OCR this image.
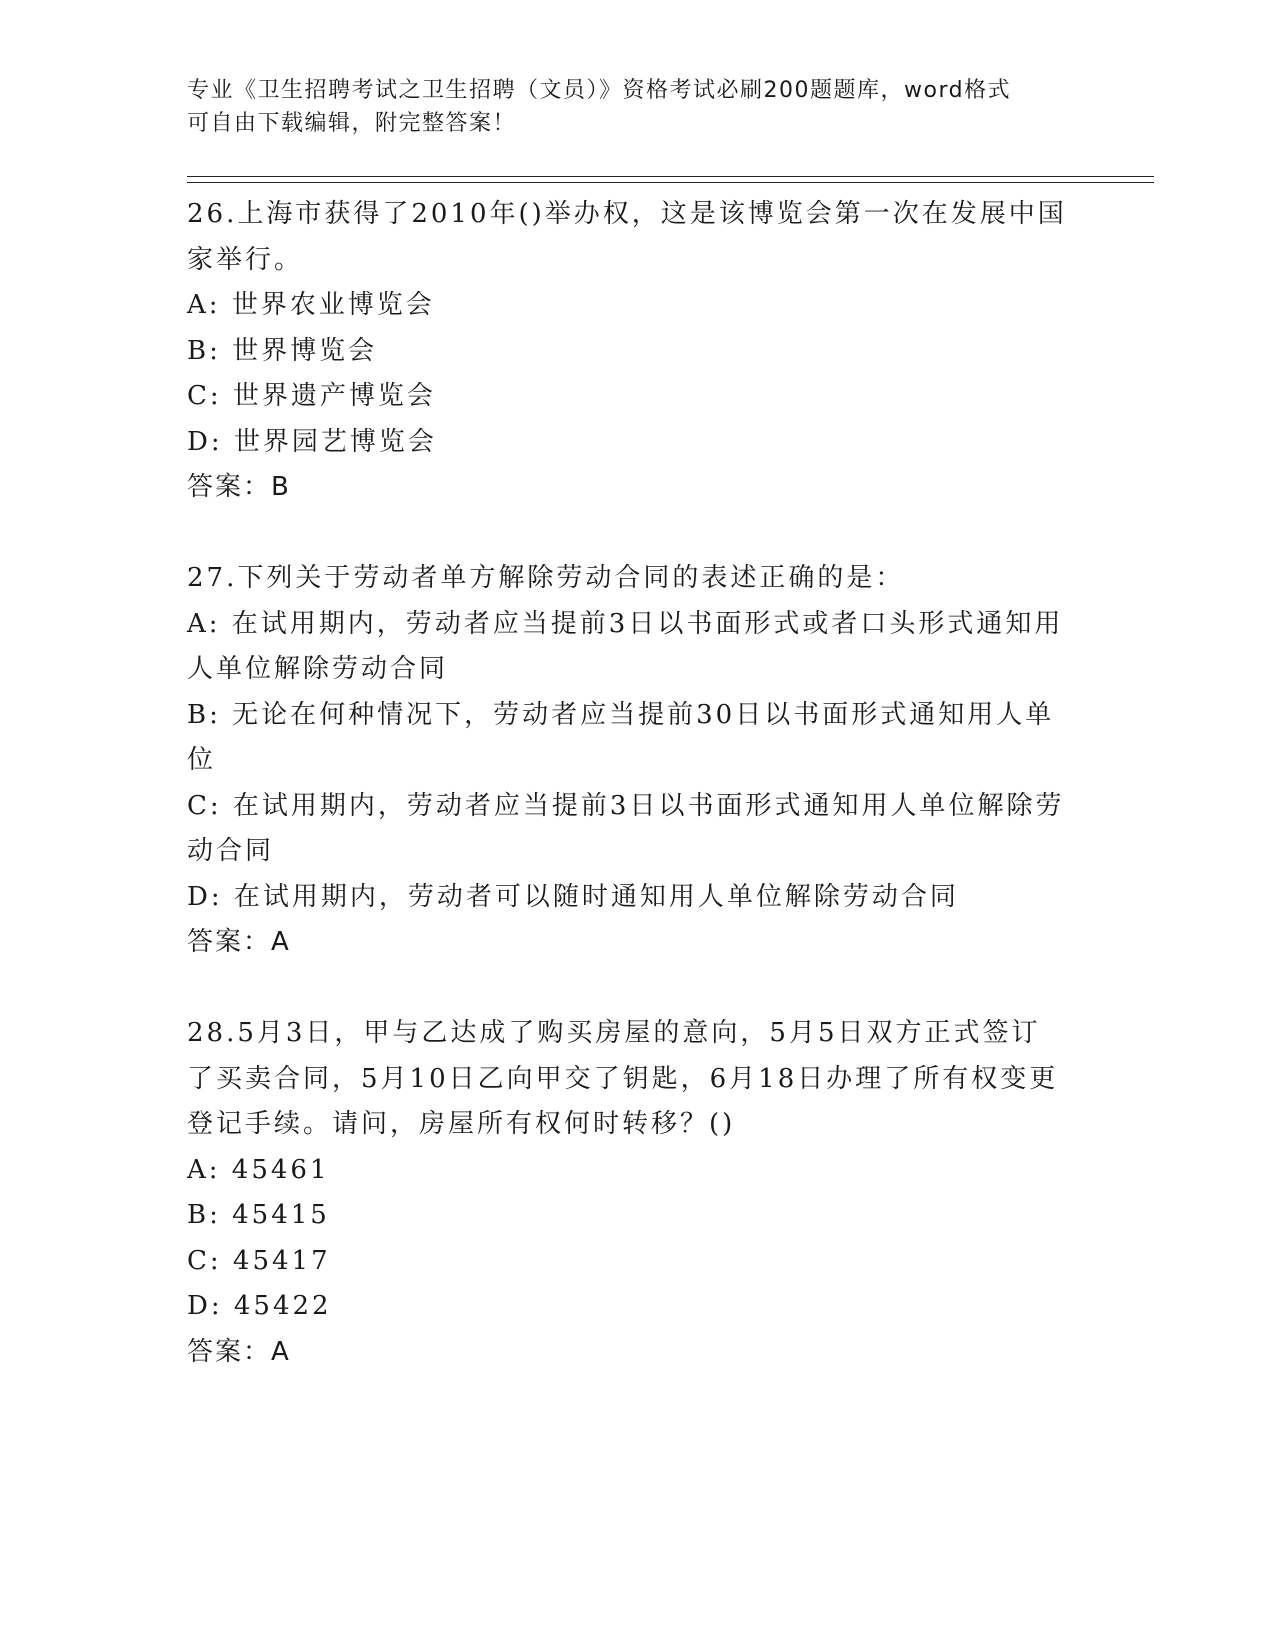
专业《卫生招聘考试之卫生招聘（文员）》资格考试必刷200题题库，word格式
可自由下载编辑，附完整答案！
26.上海市获得了2010年()举办权，这是该博览会第一次在发展中国
家举行。
A: 世界农业博览会
B: 世界博览会
C: 世界遗产博览会
D: 世界园艺博览会
答案：B
27.下列关于劳动者单方解除劳动合同的表述正确的是：
A: 在试用期内，劳动者应当提前3日以书面形式或者口头形式通知用
人单位解除劳动合同
B: 无论在何种情况下，劳动者应当提前30日以书面形式通知用人单
位
C: 在试用期内，劳动者应当提前3日以书面形式通知用人单位解除劳
动合同
D: 在试用期内，劳动者可以随时通知用人单位解除劳动合同
答案：A
28.5月3日，甲与乙达成了购买房屋的意向，5月5日双方正式签订
了买卖合同，5月10日乙向甲交了钥匙，6月18日办理了所有权变更
登记手续。请问，房屋所有权何时转移？()
A: 45461
B: 45415
C: 45417
D: 45422
答案：A
